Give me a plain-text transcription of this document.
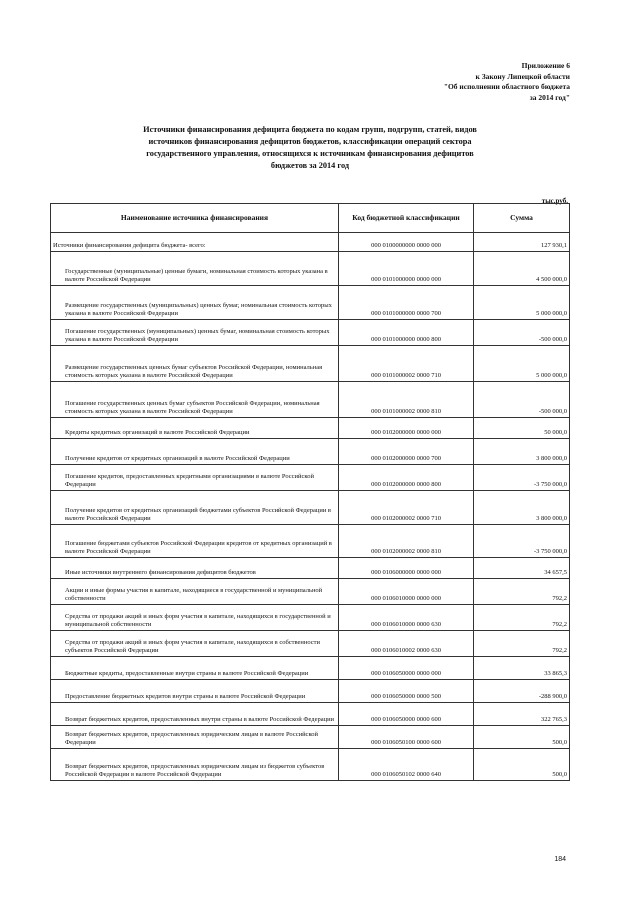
Приложение 6
к Закону Липецкой области
"Об исполнении областного бюджета
за 2014 год"
Источники финансирования дефицита бюджета по кодам групп, подгрупп, статей, видов
источников финансирования дефицитов бюджетов, классификации операций сектора
государственного управления, относящихся к источникам финансирования дефицитов
бюджетов за 2014 год
тыс.руб.
Наименование источника финансирования	Код бюджетной классификации	Сумма

Источники финансирования дефицита бюджета- всего:	000 0100000000 0000 000	127 930,1

Государственные (муниципальные) ценные бумаги, номинальная стоимость которых указана в валюте Российской Федерации	000 0101000000 0000 000	4 500 000,0

Размещение государственных (муниципальных) ценных бумаг, номинальная стоимость которых указана в валюте Российской Федерации	000 0101000000 0000 700	5 000 000,0

Погашение государственных (муниципальных) ценных бумаг, номинальная стоимость которых указана в валюте Российской Федерации	000 0101000000 0000 800	-500 000,0

Размещение государственных ценных бумаг субъектов Российской Федерации, номинальная стоимость которых указана в валюте Российской Федерации	000 0101000002 0000 710	5 000 000,0

Погашение государственных ценных бумаг субъектов Российской Федерации, номинальная стоимость которых указана в валюте Российской Федерации	000 0101000002 0000 810	-500 000,0

Кредиты кредитных организаций в валюте Российской Федерации	000 0102000000 0000 000	50 000,0

Получение кредитов от кредитных организаций в валюте Российской Федерации	000 0102000000 0000 700	3 800 000,0

Погашение кредитов, предоставленных кредитными организациями в валюте Российской Федерации	000 0102000000 0000 800	-3 750 000,0

Получение кредитов от кредитных организаций бюджетами субъектов Российской Федерации в валюте Российской Федерации	000 0102000002 0000 710	3 800 000,0

Погашение бюджетами субъектов Российской Федерации кредитов от кредитных организаций в валюте Российской Федерации	000 0102000002 0000 810	-3 750 000,0

Иные источники внутреннего финансирования дефицитов бюджетов	000 0106000000 0000 000	34 657,5

Акции и иные формы участия в капитале, находящиеся в государственной и муниципальной собственности	000 0106010000 0000 000	792,2

Средства от продажи акций и иных форм участия в капитале, находящихся в государственной и муниципальной собственности	000 0106010000 0000 630	792,2

Средства от продажи акций и иных форм участия в капитале, находящихся в собственности субъектов Российской Федерации	000 0106010002 0000 630	792,2

Бюджетные кредиты, предоставленные внутри страны в валюте Российской Федерации	000 0106050000 0000 000	33 865,3

Предоставление бюджетных кредитов внутри страны в валюте Российской Федерации	000 0106050000 0000 500	-288 900,0

Возврат бюджетных кредитов, предоставленных внутри страны в валюте Российской Федерации	000 0106050000 0000 600	322 765,3

Возврат бюджетных кредитов, предоставленных юридическим лицам в валюте Российской Федерации	000 0106050100 0000 600	500,0

Возврат бюджетных кредитов, предоставленных юридическим лицам из бюджетов субъектов Российской Федерации в валюте Российской Федерации	000 0106050102 0000 640	500,0
184
